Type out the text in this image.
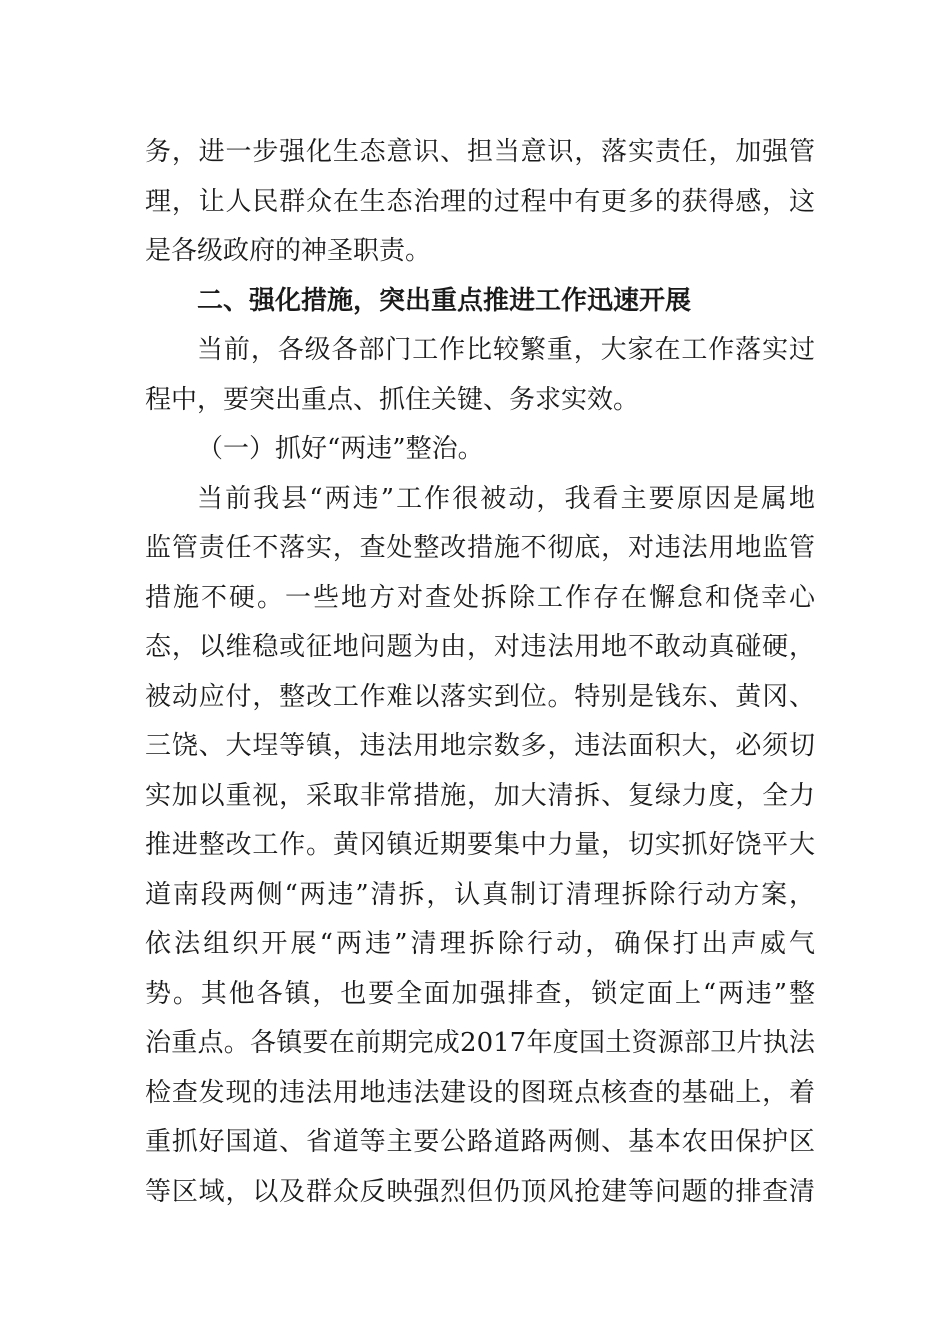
务，进一步强化生态意识、担当意识，落实责任，加强管
理，让人民群众在生态治理的过程中有更多的获得感，这
是各级政府的神圣职责。
二、强化措施，突出重点推进工作迅速开展
当前，各级各部门工作比较繁重，大家在工作落实过
程中，要突出重点、抓住关键、务求实效。
（一）抓好“两违”整治。
当前我县“两违”工作很被动，我看主要原因是属地
监管责任不落实，查处整改措施不彻底，对违法用地监管
措施不硬。一些地方对查处拆除工作存在懈怠和侥幸心
态，以维稳或征地问题为由，对违法用地不敢动真碰硬，
被动应付，整改工作难以落实到位。特别是钱东、黄冈、
三饶、大埕等镇，违法用地宗数多，违法面积大，必须切
实加以重视，采取非常措施，加大清拆、复绿力度，全力
推进整改工作。黄冈镇近期要集中力量，切实抓好饶平大
道南段两侧“两违”清拆，认真制订清理拆除行动方案，
依法组织开展“两违”清理拆除行动，确保打出声威气
势。其他各镇，也要全面加强排查，锁定面上“两违”整
治重点。各镇要在前期完成2017年度国土资源部卫片执法
检查发现的违法用地违法建设的图斑点核查的基础上，着
重抓好国道、省道等主要公路道路两侧、基本农田保护区
等区域，以及群众反映强烈但仍顶风抢建等问题的排查清
